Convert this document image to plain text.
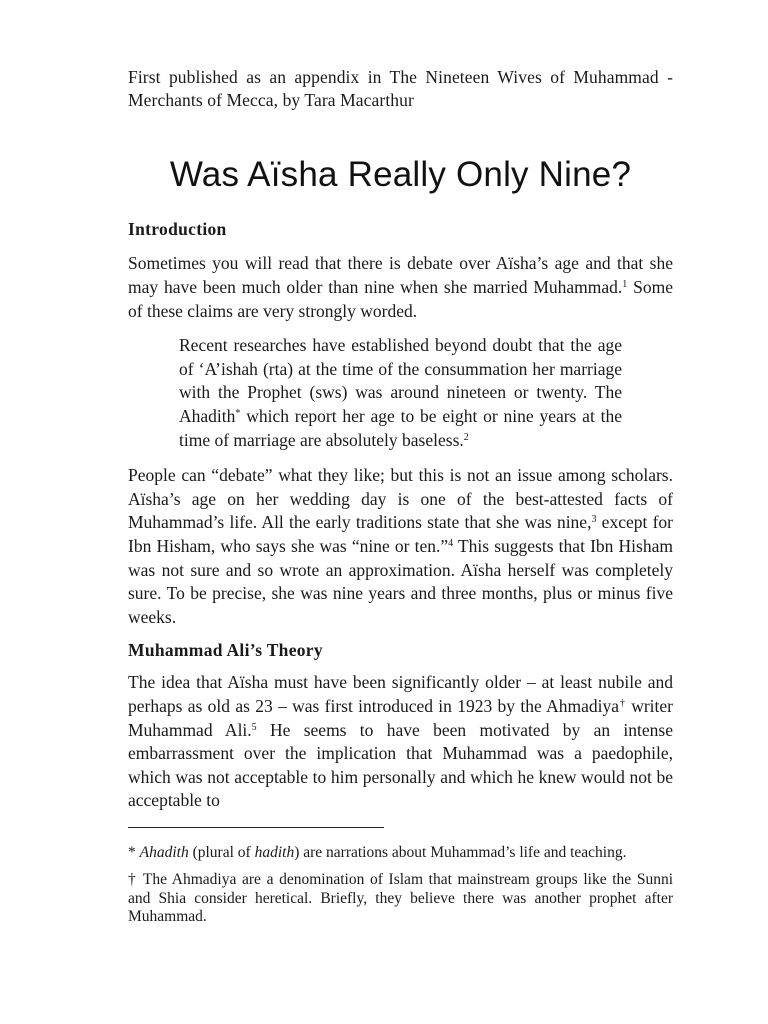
First published as an appendix in The Nineteen Wives of Muhammad - Merchants of Mecca, by Tara Macarthur

Was Aïsha Really Only Nine?
Introduction

Sometimes you will read that there is debate over Aïsha’s age and that she may have been much older than nine when she married Muhammad.$^1$ Some of these claims are very strongly worded.

Recent researches have established beyond doubt that the age of ‘A’ishah (rta) at the time of the consummation her marriage with the Prophet (sws) was around nineteen or twenty. The Ahadith* which report her age to be eight or nine years at the time of marriage are absolutely baseless.$^2$

People can “debate” what they like; but this is not an issue among scholars. Aïsha’s age on her wedding day is one of the best-attested facts of Muhammad’s life. All the early traditions state that she was nine,$^3$ except for Ibn Hisham, who says she was “nine or ten.”$^4$ This suggests that Ibn Hisham was not sure and so wrote an approximation. Aïsha herself was completely sure. To be precise, she was nine years and three months, plus or minus five weeks.

Muhammad Ali’s Theory

The idea that Aïsha must have been significantly older – at least nubile and perhaps as old as 23 – was first introduced in 1923 by the Ahmadiya† writer Muhammad Ali.$^5$ He seems to have been motivated by an intense embarrassment over the implication that Muhammad was a paedophile, which was not acceptable to him personally and which he knew would not be acceptable to

* Ahadith (plural of hadith) are narrations about Muhammad’s life and teaching.

† The Ahmadiya are a denomination of Islam that mainstream groups like the Sunni and Shia consider heretical. Briefly, they believe there was another prophet after Muhammad.
